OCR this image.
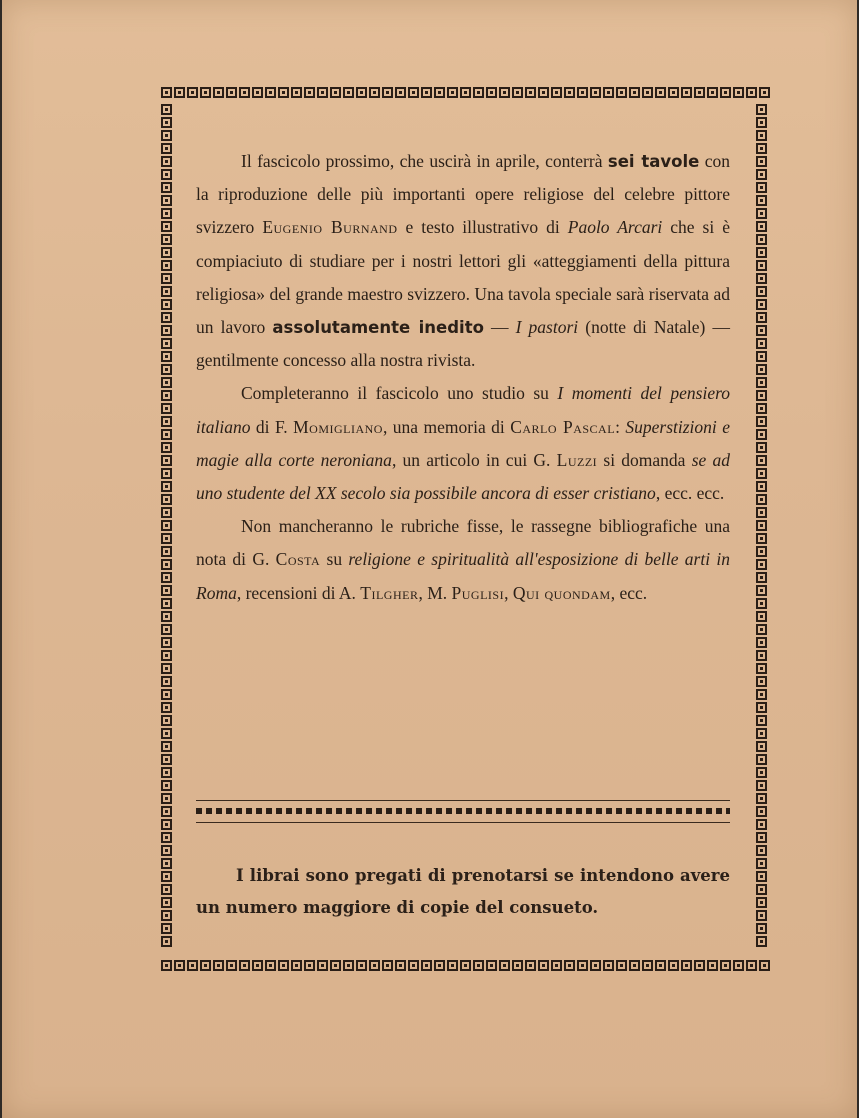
Il fascicolo prossimo, che uscirà in aprile, conterrà sei tavole con la riproduzione delle più importanti opere religiose del celebre pittore svizzero Eugenio Burnand e testo illustrativo di Paolo Arcari che si è compiaciuto di studiare per i nostri lettori gli «atteggiamenti della pittura religiosa» del grande maestro svizzero. Una tavola speciale sarà riservata ad un lavoro assolutamente inedito — I pastori (notte di Natale) — gentilmente concesso alla nostra rivista.

Completeranno il fascicolo uno studio su I momenti del pensiero italiano di F. Momigliano, una memoria di Carlo Pascal: Superstizioni e magie alla corte neroniana, un articolo in cui G. Luzzi si domanda se ad uno studente del XX secolo sia possibile ancora di esser cristiano, ecc. ecc.

Non mancheranno le rubriche fisse, le rassegne bibliografiche una nota di G. Costa su religione e spiritualità all'esposizione di belle arti in Roma, recensioni di A. Tilgher, M. Puglisi, Qui quondam, ecc.

I librai sono pregati di prenotarsi se intendono avere un numero maggiore di copie del consueto.
